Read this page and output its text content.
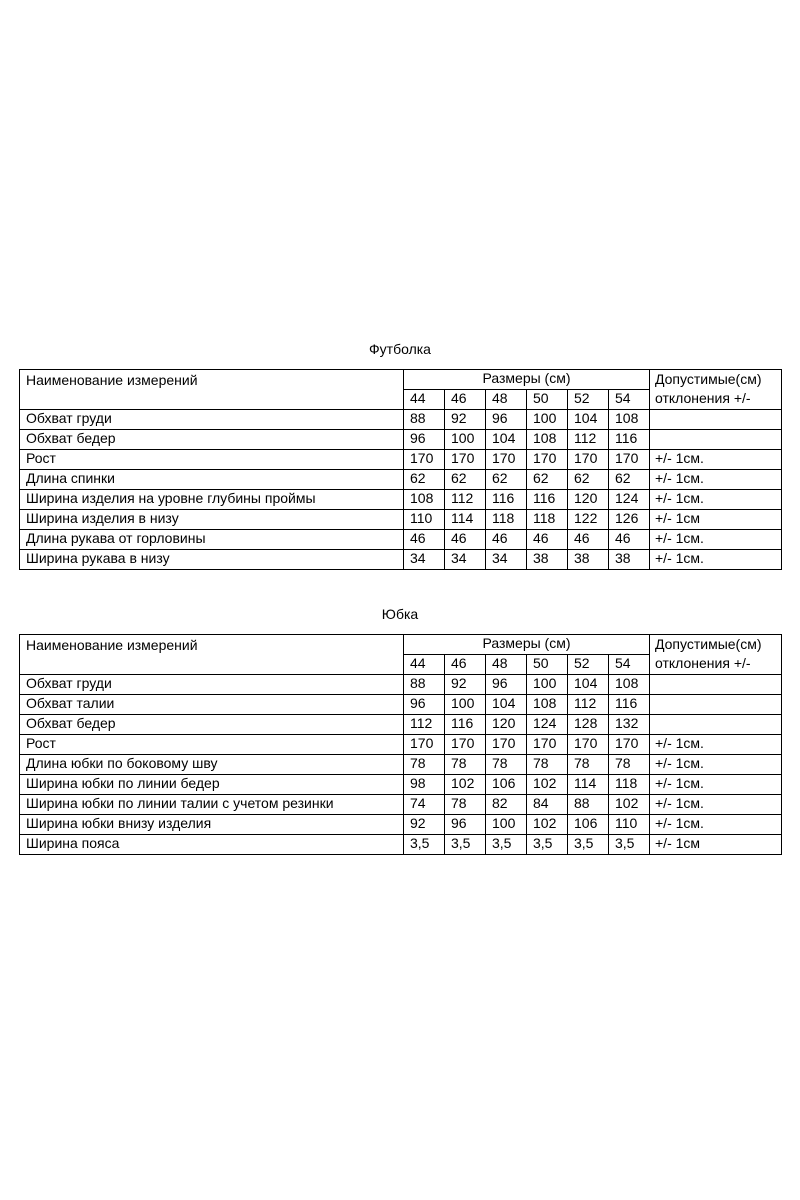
Футболка
Наименование измерений	Размеры (см)						Допустимые(см)
отклонения +/-

	44	46	48	50	52	54	
Обхват груди	88	92	96	100	104	108	
Обхват бедер	96	100	104	108	112	116	
Рост	170	170	170	170	170	170	+/- 1см.
Длина спинки	62	62	62	62	62	62	+/- 1см.
Ширина изделия на уровне глубины проймы	108	112	116	116	120	124	+/- 1см.
Ширина изделия в низу	110	114	118	118	122	126	+/- 1см
Длина рукава от горловины	46	46	46	46	46	46	+/- 1см.
Ширина рукава в низу	34	34	34	38	38	38	+/- 1см.
Юбка
Наименование измерений	Размеры (см)						Допустимые(см)
отклонения +/-

	44	46	48	50	52	54	
Обхват груди	88	92	96	100	104	108	
Обхват талии	96	100	104	108	112	116	
Обхват бедер	112	116	120	124	128	132	
Рост	170	170	170	170	170	170	+/- 1см.
Длина юбки по боковому шву	78	78	78	78	78	78	+/- 1см.
Ширина юбки по линии бедер	98	102	106	102	114	118	+/- 1см.
Ширина юбки по линии талии с учетом резинки	74	78	82	84	88	102	+/- 1см.
Ширина юбки внизу изделия	92	96	100	102	106	110	+/- 1см.
Ширина пояса	3,5	3,5	3,5	3,5	3,5	3,5	+/- 1см
